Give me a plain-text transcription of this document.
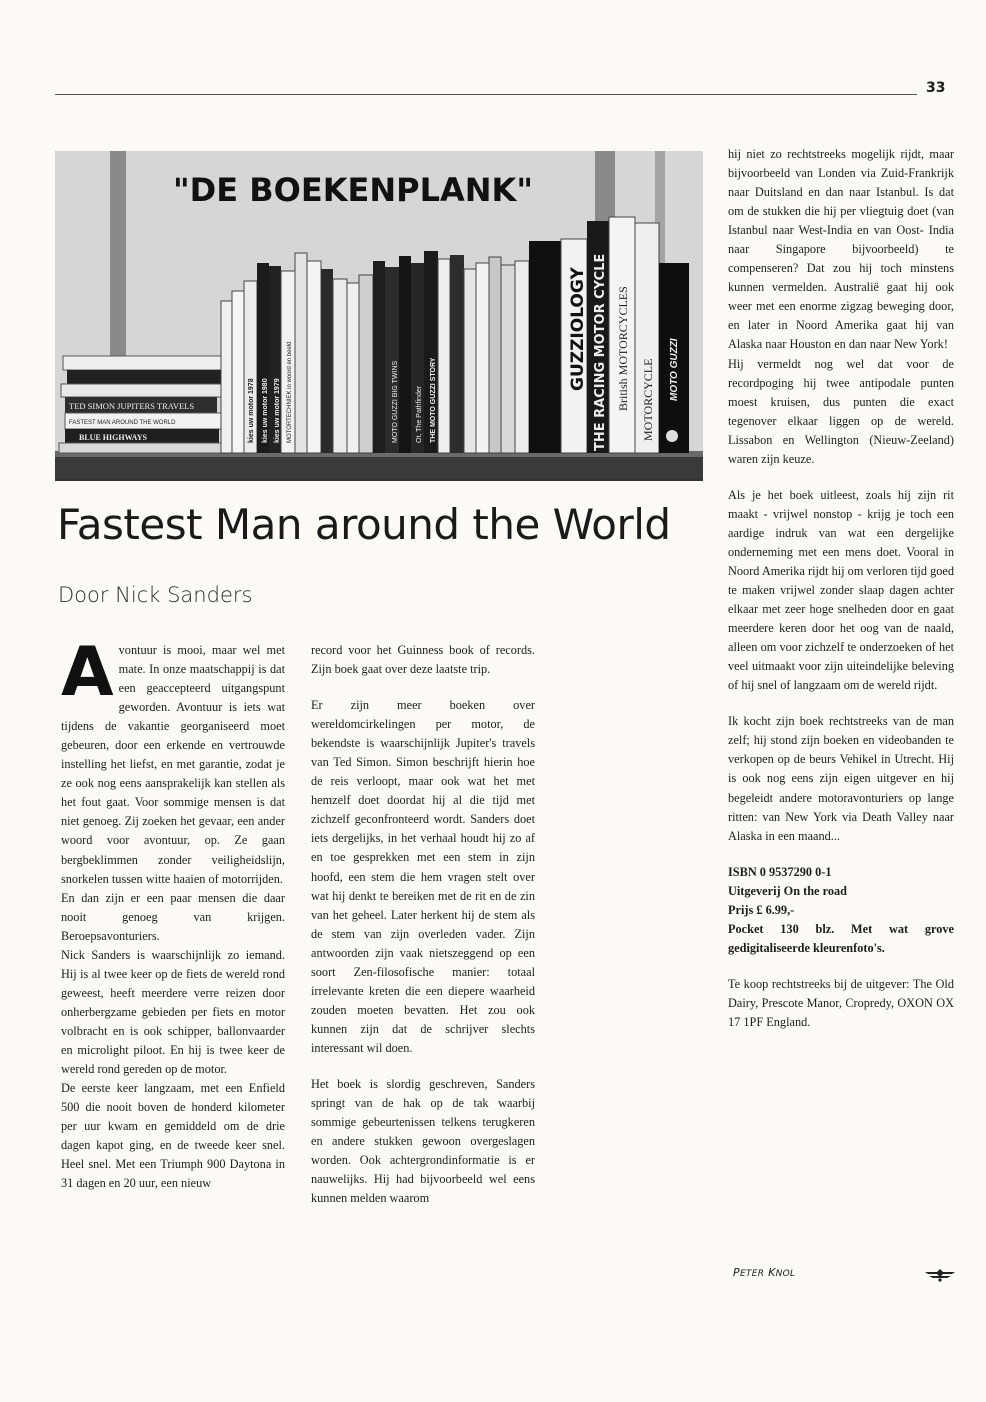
33
"DE BOEKENPLANK"
TED SIMON JUPITERS TRAVELS
FASTEST MAN AROUND THE WORLD
BLUE HIGHWAYS	kies uw motor 1980 kies uw motor 1979
kies uw motor 1978	MOTORTECHNIEK in woord en beeld	MOTO GUZZI BIG TWINS Ot, The Pathfinder THE MOTO GUZZI STORY
GUZZIOLOGY THE RACING MOTOR CYCLE British MOTORCYCLES MOTORCYCLE MOTO GUZZI
Fastest Man around the World
Door Nick Sanders

Avontuur is mooi, maar wel met mate. In onze maatschappij is dat een geaccepteerd uitgangspunt geworden. Avontuur is iets wat tijdens de vakantie georganiseerd moet gebeuren, door een erkende en vertrouwde instelling het liefst, en met garantie, zodat je ze ook nog eens aansprakelijk kan stellen als het fout gaat. Voor sommige mensen is dat niet genoeg. Zij zoeken het gevaar, een ander woord voor avontuur, op. Ze gaan bergbeklimmen zonder veiligheidslijn, snorkelen tussen witte haaien of motorrijden.

En dan zijn er een paar mensen die daar nooit genoeg van krijgen. Beroepsavonturiers.

Nick Sanders is waarschijnlijk zo iemand. Hij is al twee keer op de fiets de wereld rond geweest, heeft meerdere verre reizen door onherbergzame gebieden per fiets en motor volbracht en is ook schipper, ballonvaarder en microlight piloot. En hij is twee keer de wereld rond gereden op de motor.

De eerste keer langzaam, met een Enfield 500 die nooit boven de honderd kilometer per uur kwam en gemiddeld om de drie dagen kapot ging, en de tweede keer snel. Heel snel. Met een Triumph 900 Daytona in 31 dagen en 20 uur, een nieuw

record voor het Guinness book of records. Zijn boek gaat over deze laatste trip.

Er zijn meer boeken over wereldomcirkelingen per motor, de bekendste is waarschijnlijk Jupiter's travels van Ted Simon. Simon beschrijft hierin hoe de reis verloopt, maar ook wat het met hemzelf doet doordat hij al die tijd met zichzelf geconfronteerd wordt. Sanders doet iets dergelijks, in het verhaal houdt hij zo af en toe gesprekken met een stem in zijn hoofd, een stem die hem vragen stelt over wat hij denkt te bereiken met de rit en de zin van het geheel. Later herkent hij de stem als de stem van zijn overleden vader. Zijn antwoorden zijn vaak nietszeggend op een soort Zen-filosofische manier: totaal irrelevante kreten die een diepere waarheid zouden moeten bevatten. Het zou ook kunnen zijn dat de schrijver slechts interessant wil doen.

Het boek is slordig geschreven, Sanders springt van de hak op de tak waarbij sommige gebeurtenissen telkens terugkeren en andere stukken gewoon overgeslagen worden. Ook achtergrondinformatie is er nauwelijks. Hij had bijvoorbeeld wel eens kunnen melden waarom

hij niet zo rechtstreeks mogelijk rijdt, maar bijvoorbeeld van Londen via Zuid-Frankrijk naar Duitsland en dan naar Istanbul. Is dat om de stukken die hij per vliegtuig doet (van Istanbul naar West-India en van Oost- India naar Singapore bijvoorbeeld) te compenseren? Dat zou hij toch minstens kunnen vermelden. Australië gaat hij ook weer met een enorme zigzag beweging door, en later in Noord Amerika gaat hij van Alaska naar Houston en dan naar New York!

Hij vermeldt nog wel dat voor de recordpoging hij twee antipodale punten moest kruisen, dus punten die exact tegenover elkaar liggen op de wereld. Lissabon en Wellington (Nieuw-Zeeland) waren zijn keuze.

Als je het boek uitleest, zoals hij zijn rit maakt - vrijwel nonstop - krijg je toch een aardige indruk van wat een dergelijke onderneming met een mens doet. Vooral in Noord Amerika rijdt hij om verloren tijd goed te maken vrijwel zonder slaap dagen achter elkaar met zeer hoge snelheden door en gaat meerdere keren door het oog van de naald, alleen om voor zichzelf te onderzoeken of het veel uitmaakt voor zijn uiteindelijke beleving of hij snel of langzaam om de wereld rijdt.

Ik kocht zijn boek rechtstreeks van de man zelf; hij stond zijn boeken en videobanden te verkopen op de beurs Vehikel in Utrecht. Hij is ook nog eens zijn eigen uitgever en hij begeleidt andere motoravonturiers op lange ritten: van New York via Death Valley naar Alaska in een maand...

ISBN 0 9537290 0-1
Uitgeverij On the road
Prijs £ 6.99,-
Pocket 130 blz. Met wat grove gedigitaliseerde kleurenfoto's.

Te koop rechtstreeks bij de uitgever: The Old Dairy, Prescote Manor, Cropredy, OXON OX 17 1PF England.

PETER KNOL
